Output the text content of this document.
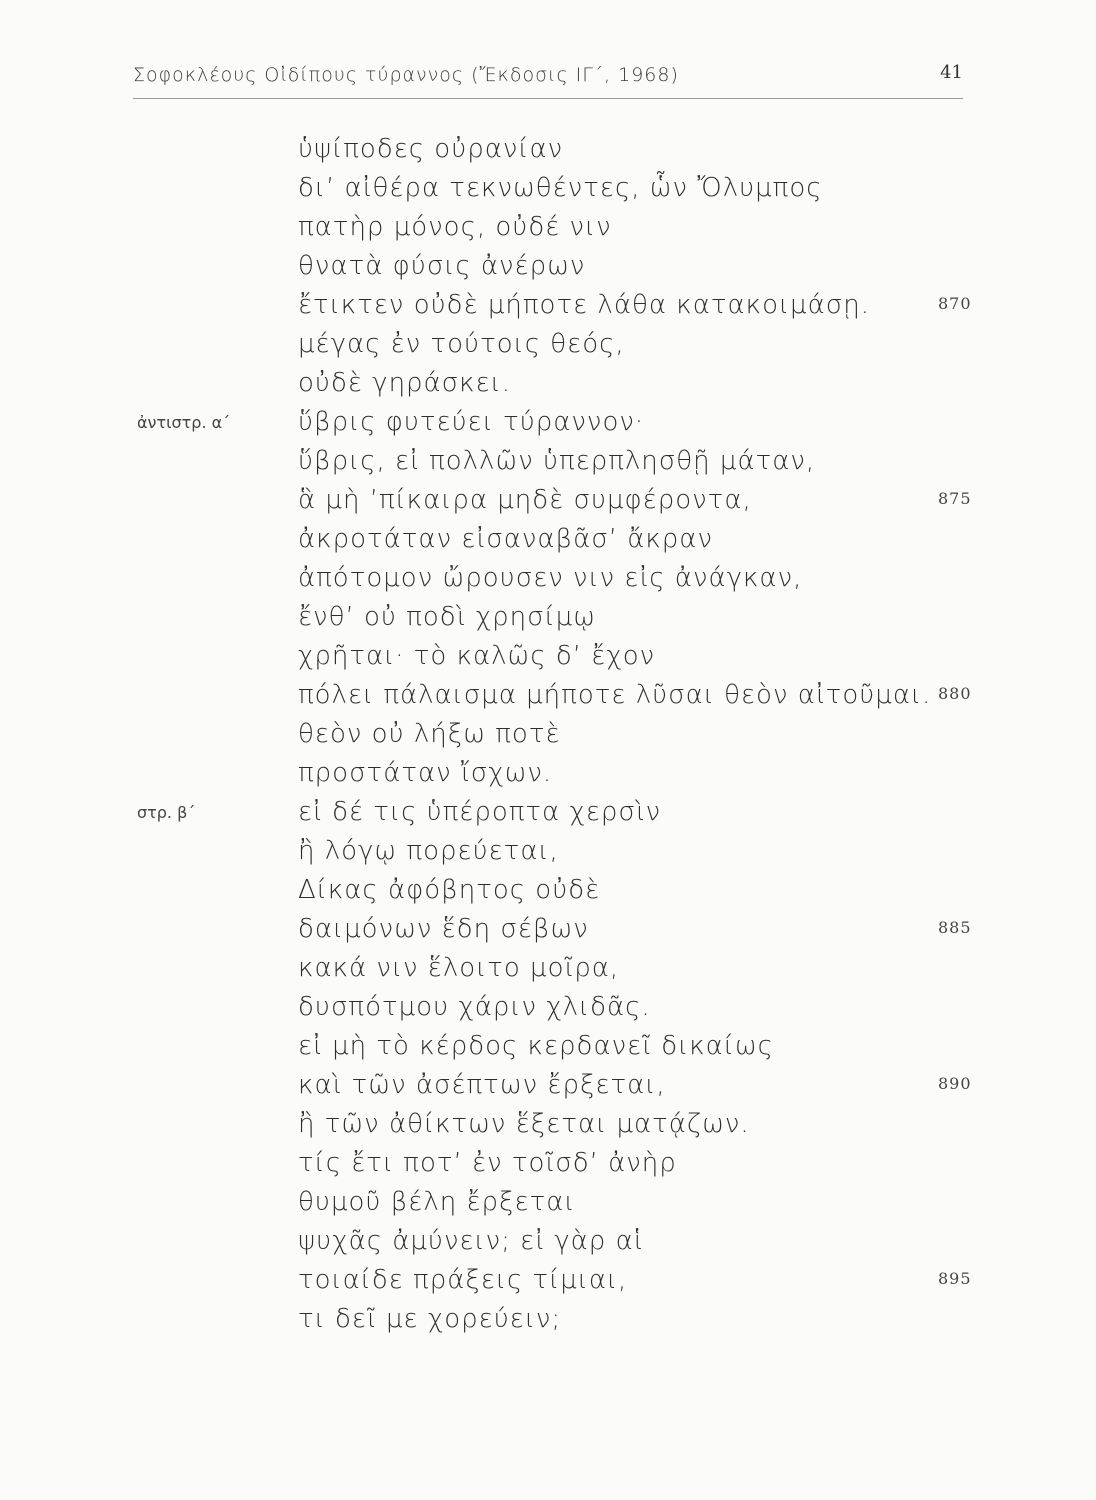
Σοφοκλέους Οἰδίπους τύραννος (Ἔκδοσις ΙΓ΄, 1968)	41
ὑψίποδες οὐρανίαν
δι’ αἰθέρα τεκνωθέντες, ὧν Ὄλυμπος
πατὴρ μόνος, οὐδέ νιν
θνατὰ φύσις ἀνέρων
ἔτικτεν οὐδὲ μήποτε λάθα κατακοιμάσῃ.	870
μέγας ἐν τούτοις θεός,
οὐδὲ γηράσκει.
ὕβρις φυτεύει τύραννον·
ἀντιστρ. α΄
ὕβρις, εἰ πολλῶν ὑπερπλησθῇ μάταν,
ἃ μὴ ’πίκαιρα μηδὲ συμφέροντα,	875
ἀκροτάταν εἰσαναβᾶσ’ ἄκραν
ἀπότομον ὤρουσεν νιν εἰς ἀνάγκαν,
ἔνθ’ οὐ ποδὶ χρησίμῳ
χρῆται· τὸ καλῶς δ’ ἔχον
πόλει πάλαισμα μήποτε λῦσαι θεὸν αἰτοῦμαι. 880
θεὸν οὐ λήξω ποτὲ
προστάταν ἴσχων.
εἰ δέ τις ὑπέροπτα χερσὶν
στρ. β΄
ἢ λόγῳ πορεύεται,
Δίκας ἀφόβητος οὐδὲ
δαιμόνων ἕδη σέβων	885
κακά νιν ἕλοιτο μοῖρα,
δυσπότμου χάριν χλιδᾶς.
εἰ μὴ τὸ κέρδος κερδανεῖ δικαίως
καὶ τῶν ἀσέπτων ἔρξεται,	890
ἢ τῶν ἀθίκτων ἕξεται ματᾴζων.
τίς ἔτι ποτ’ ἐν τοῖσδ’ ἀνὴρ
θυμοῦ βέλη ἔρξεται
ψυχᾶς ἀμύνειν; εἰ γὰρ αἱ
τοιαίδε πράξεις τίμιαι,	895
τι δεῖ με χορεύειν;
